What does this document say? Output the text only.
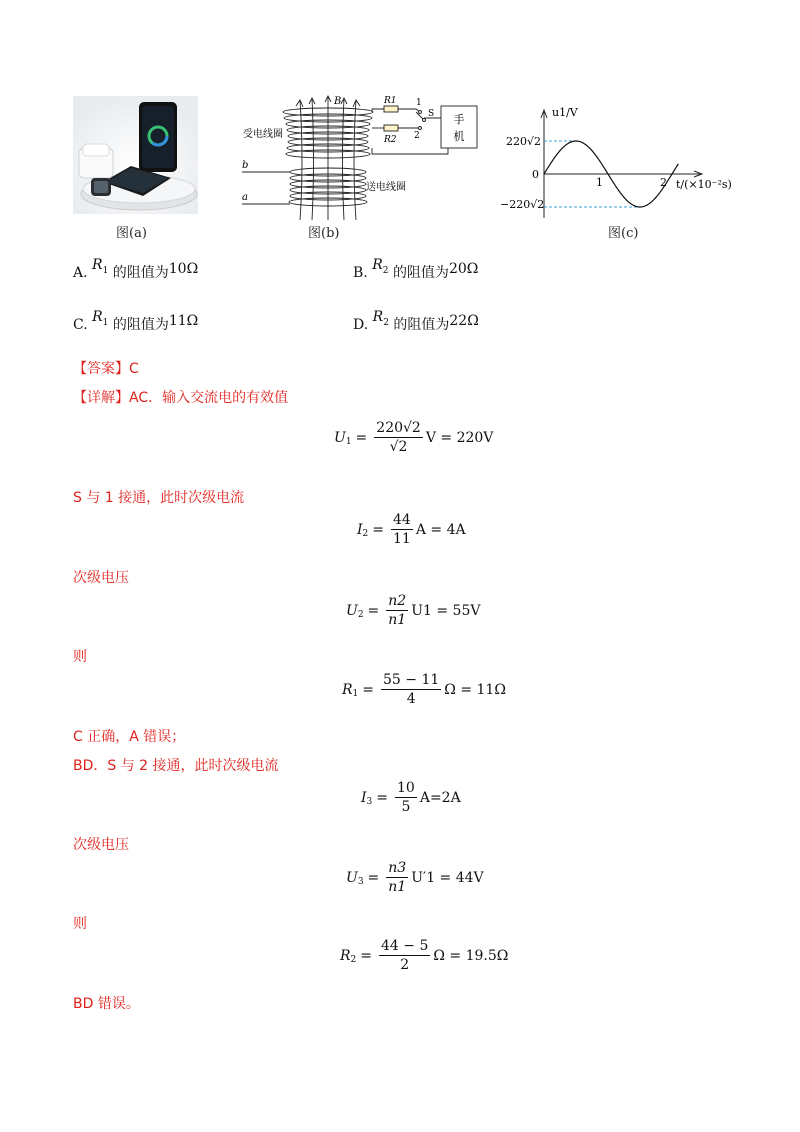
图(a)
手
机
B
受电线圈
送电线圈
b
a
R1
R2
1
2
S
图(b)
u1/V
t/(×10⁻²s)
220√2
0
−220√2
1	2
图(c)
A. $R^1$ 的阻值为10Ω	B. $R^2$ 的阻值为20Ω
C. $R^1$ 的阻值为11Ω	D. $R^2$ 的阻值为22Ω
【答案】C
【详解】AC．输入交流电的有效值
U $1 = \frac{220√2}{√2}$ V = 220V
S 与 1 接通，此时次级电流
I $2 = \frac{44}{11}$ A = 4A
次级电压
U $2 = \frac{n2}{n1} U1 = 55V$
则
R $1 = \frac{55 - 11}{4}$ Ω = 11Ω
C 正确，A 错误；
BD．S 与 2 接通，此时次级电流
I $3 = \frac{10}{5} A=2A$
次级电压
U $3 = \frac{n3}{n1} U'1 = 44V$
则
R $2 = \frac{44 - 5}{2}$ Ω = 19.5Ω
BD 错误。
